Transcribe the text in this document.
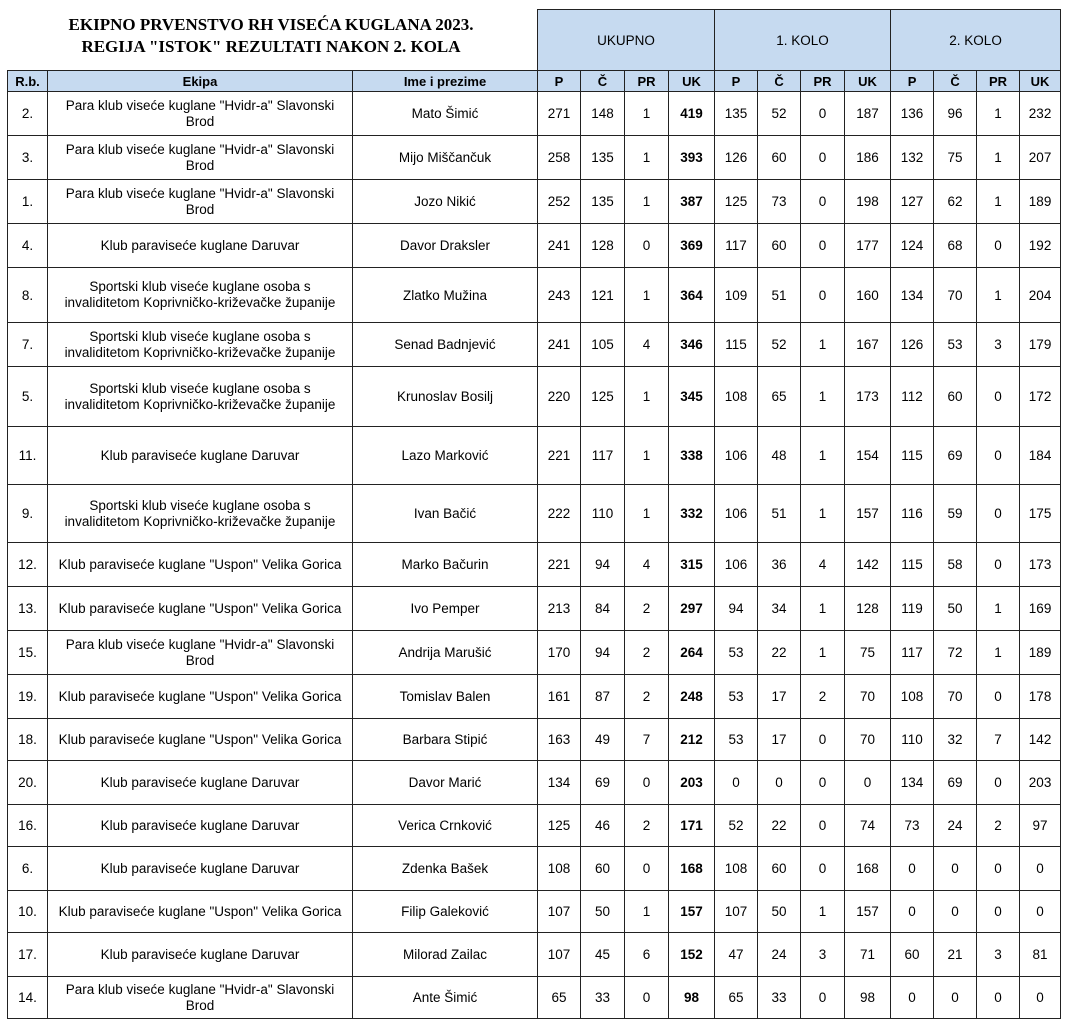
EKIPNO PRVENSTVO RH VISEĆA KUGLANA 2023.
REGIJA "ISTOK" REZULTATI NAKON 2. KOLA
			UKUPNO				1. KOLO				2. KOLO			
R.b.	Ekipa	Ime i prezime	P	Č	PR	UK	P	Č	PR	UK	P	Č	PR	UK
2.	Para klub viseće kuglane "Hvidr-a" Slavonski Brod	Mato Šimić	271	148	1	419	135	52	0	187	136	96	1	232
3.	Para klub viseće kuglane "Hvidr-a" Slavonski Brod	Mijo Miščančuk	258	135	1	393	126	60	0	186	132	75	1	207
1.	Para klub viseće kuglane "Hvidr-a" Slavonski Brod	Jozo Nikić	252	135	1	387	125	73	0	198	127	62	1	189
4.	Klub paraviseće kuglane Daruvar	Davor Draksler	241	128	0	369	117	60	0	177	124	68	0	192
8.	Sportski klub viseće kuglane osoba s invaliditetom Koprivničko-križevačke županije	Zlatko Mužina	243	121	1	364	109	51	0	160	134	70	1	204
7.	Sportski klub viseće kuglane osoba s invaliditetom Koprivničko-križevačke županije	Senad Badnjević	241	105	4	346	115	52	1	167	126	53	3	179
5.	Sportski klub viseće kuglane osoba s invaliditetom Koprivničko-križevačke županije	Krunoslav Bosilj	220	125	1	345	108	65	1	173	112	60	0	172
11.	Klub paraviseće kuglane Daruvar	Lazo Marković	221	117	1	338	106	48	1	154	115	69	0	184
9.	Sportski klub viseće kuglane osoba s invaliditetom Koprivničko-križevačke županije	Ivan Bačić	222	110	1	332	106	51	1	157	116	59	0	175
12.	Klub paraviseće kuglane "Uspon" Velika Gorica	Marko Bačurin	221	94	4	315	106	36	4	142	115	58	0	173
13.	Klub paraviseće kuglane "Uspon" Velika Gorica	Ivo Pemper	213	84	2	297	94	34	1	128	119	50	1	169
15.	Para klub viseće kuglane "Hvidr-a" Slavonski Brod	Andrija Marušić	170	94	2	264	53	22	1	75	117	72	1	189
19.	Klub paraviseće kuglane "Uspon" Velika Gorica	Tomislav Balen	161	87	2	248	53	17	2	70	108	70	0	178
18.	Klub paraviseće kuglane "Uspon" Velika Gorica	Barbara Stipić	163	49	7	212	53	17	0	70	110	32	7	142
20.	Klub paraviseće kuglane Daruvar	Davor Marić	134	69	0	203	0	0	0	0	134	69	0	203
16.	Klub paraviseće kuglane Daruvar	Verica Crnković	125	46	2	171	52	22	0	74	73	24	2	97
6.	Klub paraviseće kuglane Daruvar	Zdenka Bašek	108	60	0	168	108	60	0	168	0	0	0	0
10.	Klub paraviseće kuglane "Uspon" Velika Gorica	Filip Galeković	107	50	1	157	107	50	1	157	0	0	0	0
17.	Klub paraviseće kuglane Daruvar	Milorad Zailac	107	45	6	152	47	24	3	71	60	21	3	81
14.	Para klub viseće kuglane "Hvidr-a" Slavonski Brod	Ante Šimić	65	33	0	98	65	33	0	98	0	0	0	0
